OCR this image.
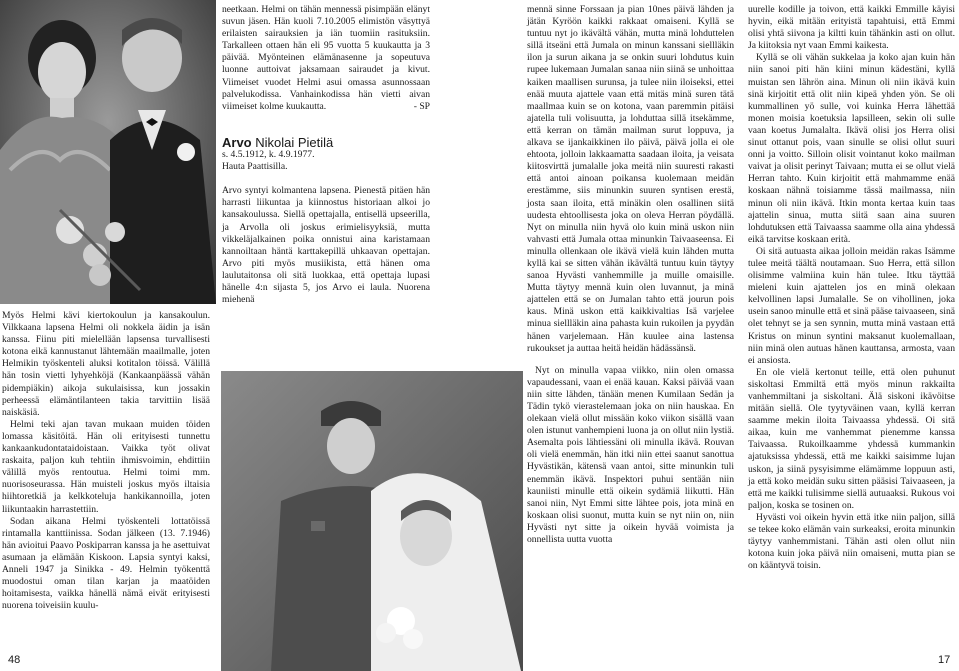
48	17

Myös Helmi kävi kiertokoulun ja kansakoulun. Vilkkaana lapsena Helmi oli nokkela äidin ja isän kanssa. Fiinu piti mielellään lapsensa turvallisesti kotona eikä kannustanut lähtemään maailmalle, joten Helmikin työskenteli aluksi kotitalon töissä. Välillä hän tosin vietti lyhyehköjä (Kankaanpäässä vähän pidempiäkin) aikoja sukulaisissa, kun jossakin perheessä elämäntilanteen takia tarvittiin lisää naiskäsiä.

Helmi teki ajan tavan mukaan muiden töiden lomassa käsitöitä. Hän oli erityisesti tunnettu kankaankudontataidoistaan. Vaikka työt olivat raskaita, paljon kuh tehtiin ihmisvoimin, ehdittiin välillä myös rentoutua. Helmi toimi mm. nuorisoseurassa. Hän muisteli joskus myös iltaisia hiihtoretkiä ja kelkkoteluja hankikannoilla, joten liikuntaakin harrastettiin.

Sodan aikana Helmi työskenteli lottatöissä rintamalla kanttiinissa. Sodan jälkeen (13. 7.1946) hän avioitui Paavo Poskiparran kanssa ja he asettuivat asumaan ja elämään Kiskoon. Lapsia syntyi kaksi, Anneli 1947 ja Sinikka - 49. Helmin työkenttä muodostui oman tilan karjan ja maatöiden hoitamisesta, vaikka hänellä nämä eivät erityisesti nuorena toiveisiin kuulu-

neetkaan. Helmi on tähän mennessä pisimpään elänyt suvun jäsen. Hän kuoli 7.10.2005 elimistön väsyttyä erilaisten sairauksien ja iän tuomiin rasituksiin. Tarkalleen ottaen hän eli 95 vuotta 5 kuukautta ja 3 päivää. Myönteinen elämänasenne ja sopeutuva luonne auttoivat jaksamaan sairaudet ja kivut. Viimeiset vuodet Helmi asui omassa asunnossaan palvelukodissa. Vanhainkodissa hän vietti aivan viimeiset kolme kuukautta.	- SP
Arvo Nikolai Pietilä
s. 4.5.1912, k. 4.9.1977.
Hauta Paattisilla.

Arvo syntyi kolmantena lapsena. Pienestä pitäen hän harrasti liikuntaa ja kiinnostus historiaan alkoi jo kansakoulussa. Siellä opettajalla, entisellä upseerilla, ja Arvolla oli joskus erimielisyyksiä, mutta vikkeläjalkainen poika onnistui aina karistamaan kannoiltaan häntä karttakepillä uhkaavan opettajan. Arvo piti myös musiikista, että hänen oma laulutaitonsa oli sitä luokkaa, että opettaja lupasi hänelle 4:n sijasta 5, jos Arvo ei laula. Nuorena miehenä

mennä sinne Forssaan ja pian 10nes päivä lähden ja jätän Kyröön kaikki rakkaat omaiseni. Kyllä se tuntuu nyt jo ikävältä vähän, mutta minä lohduttelen sillä itseäni että Jumala on minun kanssani siellläkin ilon ja surun aikana ja se onkin suuri lohdutus kuin rupee lukemaan Jumalan sanaa niin siinä se unhoittaa kaiken maallisen surunsa, ja tulee niin iloiseksi, ettei enää muuta ajattele vaan että mitäs minä suren tätä maallmaa kuin se on kotona, vaan paremmin pitäisi ajatella tuli volisuutta, ja lohduttaa sillä itsekämme, että kerran on tämän mailman surut loppuva, ja alkava se ijankaikkinen ilo päivä, päivä jolla ei ole ehtoota, jolloin lakkaamatta saadaan iloita, ja veisata kiitosvirttä jumalalle joka meitä niin suuresti rakasti että antoi ainoan poikansa kuolemaan meidän erestämme, siis minunkin suuren syntisen erestä, josta saan iloita, että minäkin olen osallinen siitä uudesta ehtoollisesta joka on oleva Herran pöydällä. Nyt on minulla niin hyvä olo kuin minä uskon niin vahvasti että Jumala ottaa minunkin Taivaaseensa. Ei minulla ollenkaan ole ikävä vielä kuin lähden mutta kyllä kai se sitten vähän ikävältä tuntuu kuin täytyy sanoa Hyvästi vanhemmille ja muille omaisille. Mutta täytyy mennä kuin olen luvannut, ja minä ajattelen että se on Jumalan tahto että jourun pois kaus. Minä uskon että kaikkivaltias Isä varjelee minua siellläkin aina pahasta kuin rukoilen ja pyydän hänen varjelemaan. Hän kuulee aina lastensa rukoukset ja auttaa heitä heidän hädässänsä.

Nyt on minulla vapaa viikko, niin olen omassa vapaudessani, vaan ei enää kauan. Kaksi päivää vaan niin sitte lähden, tänään menen Kumilaan Sedän ja Tädin tykö vierastelemaan joka on niin hauskaa. En olekaan vielä ollut missään koko viikon sisällä vaan olen istunut vanhempieni luona ja on ollut niin lystiä. Asemalta pois lähtiessäni oli minulla ikävä. Rouvan oli vielä enemmän, hän itki niin ettei saanut sanottua Hyvästikän, kätensä vaan antoi, sitte minunkin tuli enemmän ikävä. Inspektori puhui sentään niin kauniisti minulle että oikein sydämiä liikutti. Hän sanoi niin, Nyt Emmi sitte lähtee pois, jota minä en koskaan olisi suonut, mutta kuin se nyt niin on, niin Hyvästi nyt sitte ja oikein hyvää voimista ja onnellista uutta vuotta

uurelle kodille ja toivon, että kaikki Emmille käyisi hyvin, eikä mitään erityistä tapahtuisi, että Emmi olisi yhtä siivona ja kiltti kuin tähänkin asti on ollut. Ja kiitoksia nyt vaan Emmi kaikesta.

Kyllä se oli vähän sukkelaa ja koko ajan kuin hän niin sanoi piti hän kiini minun kädestäni, kyllä muistan sen lährön aina. Minun oli niin ikävä kuin sinä kirjoitit että olit niin kipeä yhden yön. Se oli kummallinen yö sulle, voi kuinka Herra lähettää monen moisia koetuksia lapsilleen, sekin oli sulle vaan koetus Jumalalta. Ikävä olisi jos Herra olisi sinut ottanut pois, vaan sinulle se olisi ollut suuri onni ja voitto. Silloin olisit vointanut koko mailman vaivat ja olisit perinyt Taivaan; mutta ei se ollut vielä Herran tahto. Kuin kirjoitit että mahmamme enää koskaan nähnä toisiamme tässä mailmassa, niin minun oli niin ikävä. Itkin monta kertaa kuin taas ajattelin sinua, mutta siitä saan aina suuren lohdutuksen että Taivaassa saamme olla aina yhdessä eikä tarvitse koskaan erità.

Oi sitä autuasta aikaa jolloin meidän rakas Isämme tulee meitä täältä noutamaan. Suo Herra, että sillon olisimme valmiina kuin hän tulee. Itku täyttää mieleni kuin ajattelen jos en minä olekaan kelvollinen lapsi Jumalalle. Se on vihollinen, joka usein sanoo minulle että et sinä pääse taivaaseen, sinä olet tehnyt se ja sen synnin, mutta minä vastaan että Kristus on minun syntini maksanut kuolemallaan, niin minä olen autuas hänen kauttansa, armosta, vaan ei ansiosta.

En ole vielä kertonut teille, että olen puhunut siskoltasi Emmiltä että myös minun rakkailta vanhemmiltani ja siskoltani. Älä siskoni ikävöitse mitään siellä. Ole tyytyväinen vaan, kyllä kerran saamme mekin iloita Taivaassa yhdessä. Oi sitä aikaa, kuin me vanhemmat pienemme kanssa Taivaassa. Rukoilkaamme yhdessä kummankin ajatuksissa yhdessä, että me kaikki saisimme lujan uskon, ja siinä pysyisimme elämämme loppuun asti, ja että koko meidän suku sitten pääsisi Taivaaseen, ja että me kaikki tulisimme siellä autuaaksi. Rukous voi paljon, koska se tosinen on.

Hyvästi voi oikein hyvin että itke niin paljon, sillä se tekee koko elämän vain surkeaksi, eroita minunkin täytyy vanhemmistani. Tähän asti olen ollut niin kotona kuin joka päivä niin omaiseni, mutta pian se on kääntyvä toisin.
